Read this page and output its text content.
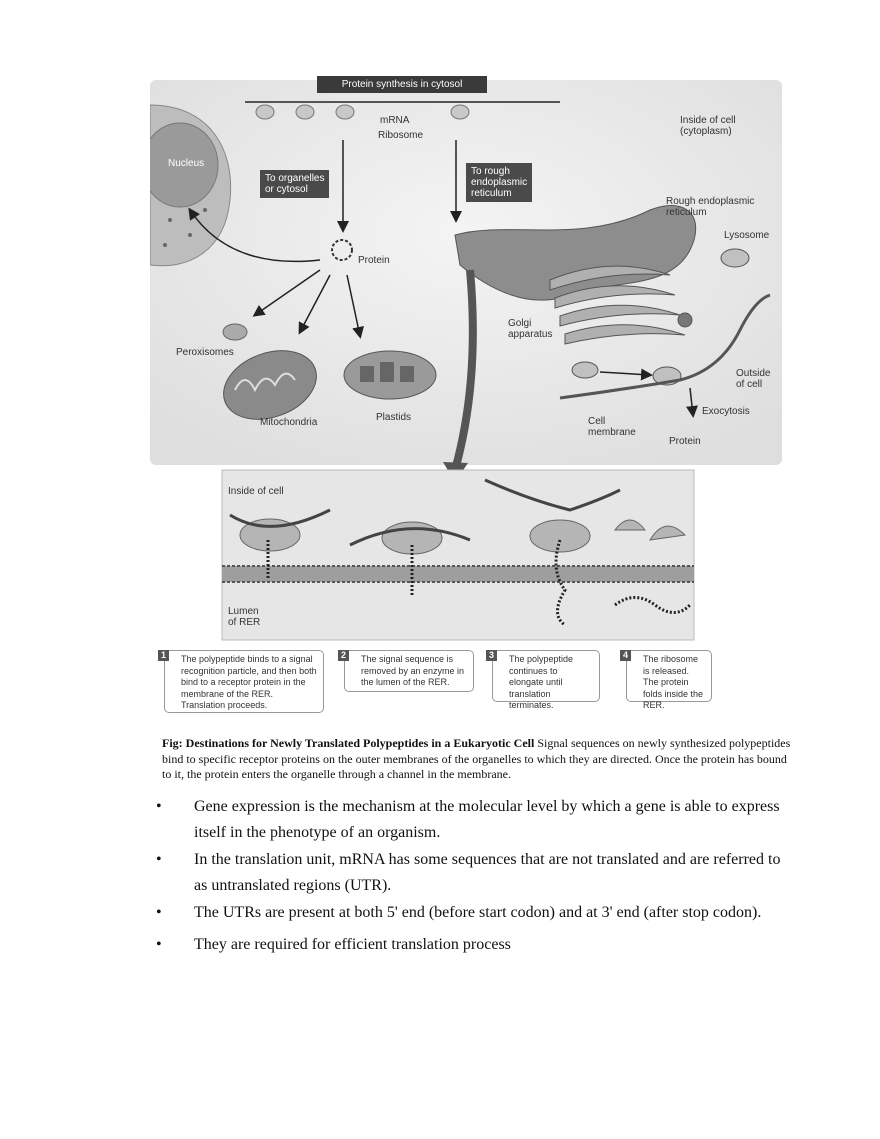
Protein synthesis in cytosol
mRNA
Ribosome
Nucleus
Inside of cell
(cytoplasm)
To organelles
or cytosol
To rough
endoplasmic
reticulum
Rough endoplasmic
reticulum
Lysosome
Protein
Golgi
apparatus
Peroxisomes
Mitochondria	Plastids
Outside
of cell
Exocytosis
Cell
membrane
Protein
Inside of cell
Lumen
of RER
1	The polypeptide binds to a signal recognition particle, and then both bind to a receptor protein in the membrane of the RER. Translation proceeds.
2	The signal sequence is removed by an enzyme in the lumen of the RER.
3	The polypeptide continues to elongate until translation terminates.
4	The ribosome is released. The protein folds inside the RER.
Fig: Destinations for Newly Translated Polypeptides in a Eukaryotic Cell Signal sequences on newly synthesized polypeptides bind to specific receptor proteins on the outer membranes of the organelles to which they are directed. Once the protein has bound to it, the protein enters the organelle through a channel in the membrane.
• Gene expression is the mechanism at the molecular level by which a gene is able to express itself in the phenotype of an organism.
• In the translation unit, mRNA has some sequences that are not translated and are referred to as untranslated regions (UTR).
• The UTRs are present at both 5' end (before start codon) and at 3' end (after stop codon).
• They are required for efficient translation process
